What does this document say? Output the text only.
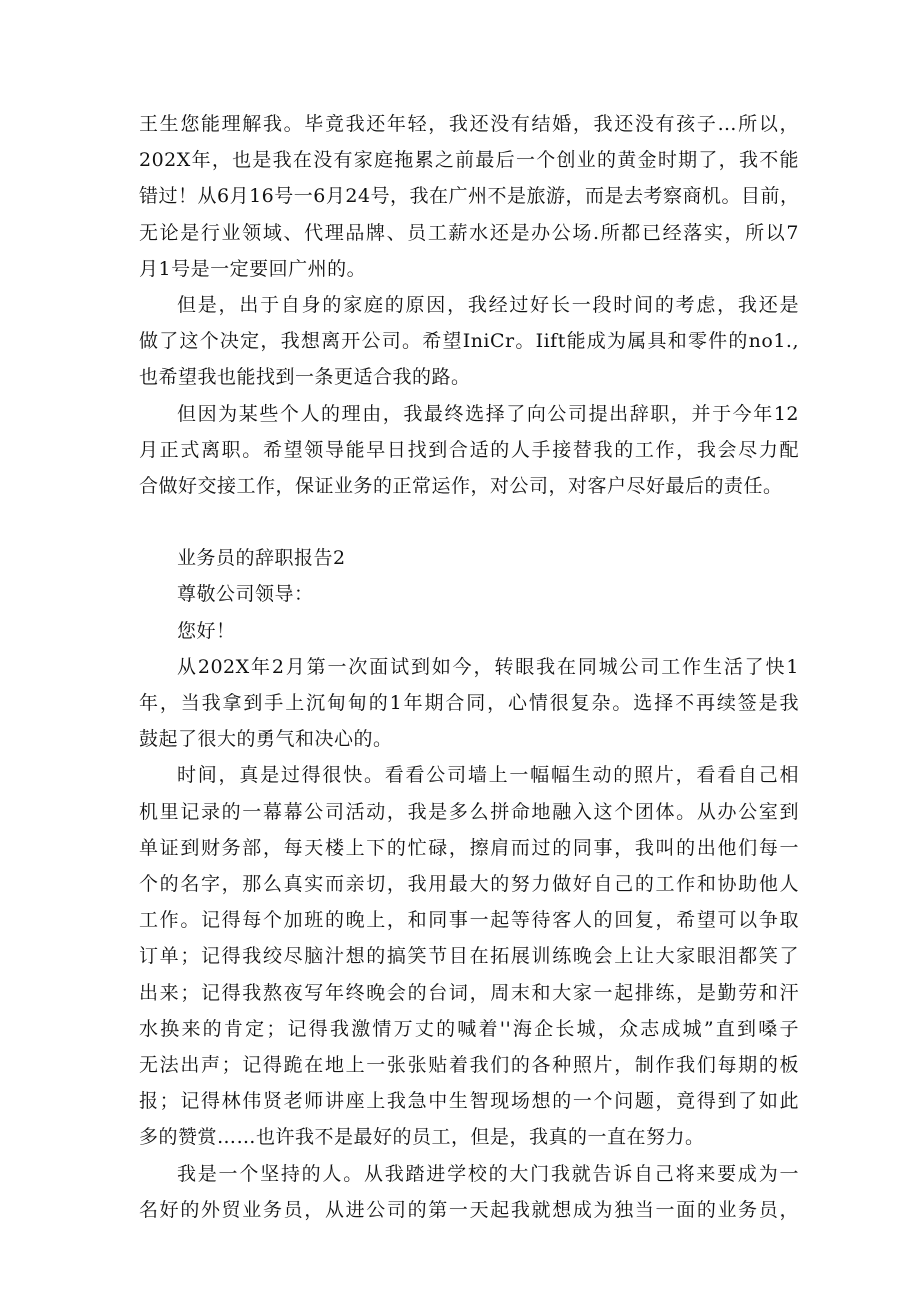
王生您能理解我。毕竟我还年轻，我还没有结婚，我还没有孩子…所以，
202X年，也是我在没有家庭拖累之前最后一个创业的黄金时期了，我不能
错过！从6月16号一6月24号，我在广州不是旅游，而是去考察商机。目前，
无论是行业领域、代理品牌、员工薪水还是办公场.所都已经落实，所以7
月1号是一定要回广州的。
但是，出于自身的家庭的原因，我经过好长一段时间的考虑，我还是
做了这个决定，我想离开公司。希望IniCr。Iift能成为属具和零件的no1.,
也希望我也能找到一条更适合我的路。
但因为某些个人的理由，我最终选择了向公司提出辞职，并于今年12
月正式离职。希望领导能早日找到合适的人手接替我的工作，我会尽力配
合做好交接工作，保证业务的正常运作，对公司，对客户尽好最后的责任。
业务员的辞职报告2
尊敬公司领导：
您好！
从202X年2月第一次面试到如今，转眼我在同城公司工作生活了快1
年，当我拿到手上沉甸甸的1年期合同，心情很复杂。选择不再续签是我
鼓起了很大的勇气和决心的。
时间，真是过得很快。看看公司墙上一幅幅生动的照片，看看自己相
机里记录的一幕幕公司活动，我是多么拼命地融入这个团体。从办公室到
单证到财务部，每天楼上下的忙碌，擦肩而过的同事，我叫的出他们每一
个的名字，那么真实而亲切，我用最大的努力做好自己的工作和协助他人
工作。记得每个加班的晚上，和同事一起等待客人的回复，希望可以争取
订单；记得我绞尽脑汁想的搞笑节目在拓展训练晚会上让大家眼泪都笑了
出来；记得我熬夜写年终晚会的台词，周末和大家一起排练，是勤劳和汗
水换来的肯定；记得我激情万丈的喊着''海企长城，众志成城”直到嗓子
无法出声；记得跪在地上一张张贴着我们的各种照片，制作我们每期的板
报；记得林伟贤老师讲座上我急中生智现场想的一个问题，竟得到了如此
多的赞赏……也许我不是最好的员工，但是，我真的一直在努力。
我是一个坚持的人。从我踏进学校的大门我就告诉自己将来要成为一
名好的外贸业务员，从进公司的第一天起我就想成为独当一面的业务员，
